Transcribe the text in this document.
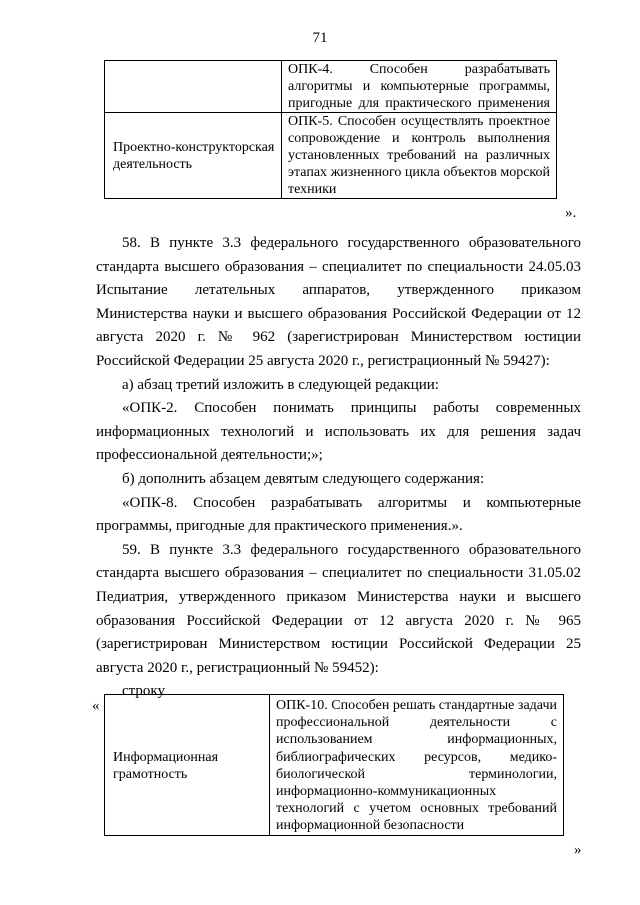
71
	ОПК-4. Способен разрабатывать алгоритмы и компьютерные программы, пригодные для практического применения
Проектно-конструкторская деятельность	ОПК-5. Способен осуществлять проектное сопровождение и контроль выполнения установленных требований на различных этапах жизненного цикла объектов морской техники
».

58. В пункте 3.3 федерального государственного образовательного стандарта высшего образования – специалитет по специальности 24.05.03 Испытание летательных аппаратов, утвержденного приказом Министерства науки и высшего образования Российской Федерации от 12 августа 2020 г. № 962 (зарегистрирован Министерством юстиции Российской Федерации 25 августа 2020 г., регистрационный № 59427):

а) абзац третий изложить в следующей редакции:

«ОПК-2. Способен понимать принципы работы современных информационных технологий и использовать их для решения задач профессиональной деятельности;»;

б) дополнить абзацем девятым следующего содержания:

«ОПК-8. Способен разрабатывать алгоритмы и компьютерные программы, пригодные для практического применения.».

59. В пункте 3.3 федерального государственного образовательного стандарта высшего образования – специалитет по специальности 31.05.02 Педиатрия, утвержденного приказом Министерства науки и высшего образования Российской Федерации от 12 августа 2020 г. № 965 (зарегистрирован Министерством юстиции Российской Федерации 25 августа 2020 г., регистрационный № 59452):

строку

«
Информационная грамотность	ОПК-10. Способен решать стандартные задачи профессиональной деятельности с использованием информационных, библиографических ресурсов, медико-биологической терминологии, информационно-коммуникационных технологий с учетом основных требований информационной безопасности
»
